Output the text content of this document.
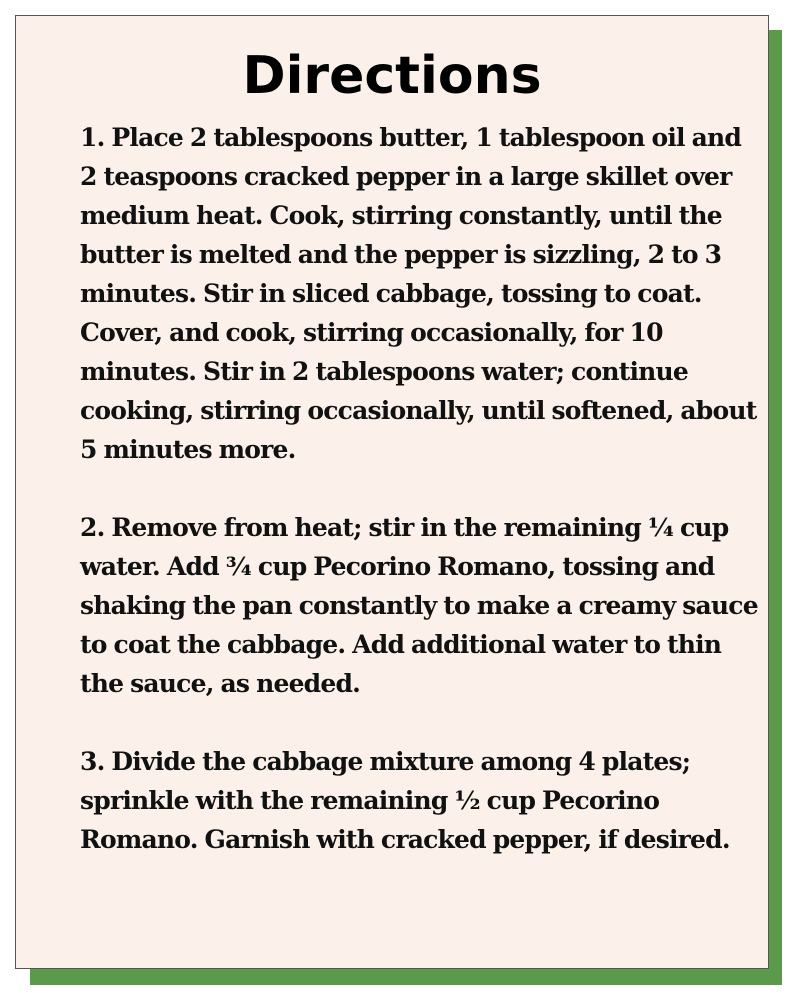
Directions
1. Place 2 tablespoons butter, 1 tablespoon oil and 2 teaspoons cracked pepper in a large skillet over medium heat. Cook, stirring constantly, until the butter is melted and the pepper is sizzling, 2 to 3 minutes. Stir in sliced cabbage, tossing to coat. Cover, and cook, stirring occasionally, for 10 minutes. Stir in 2 tablespoons water; continue cooking, stirring occasionally, until softened, about 5 minutes more.
2. Remove from heat; stir in the remaining ¼ cup water. Add ¾ cup Pecorino Romano, tossing and shaking the pan constantly to make a creamy sauce to coat the cabbage. Add additional water to thin the sauce, as needed.
3. Divide the cabbage mixture among 4 plates; sprinkle with the remaining ½ cup Pecorino Romano. Garnish with cracked pepper, if desired.
